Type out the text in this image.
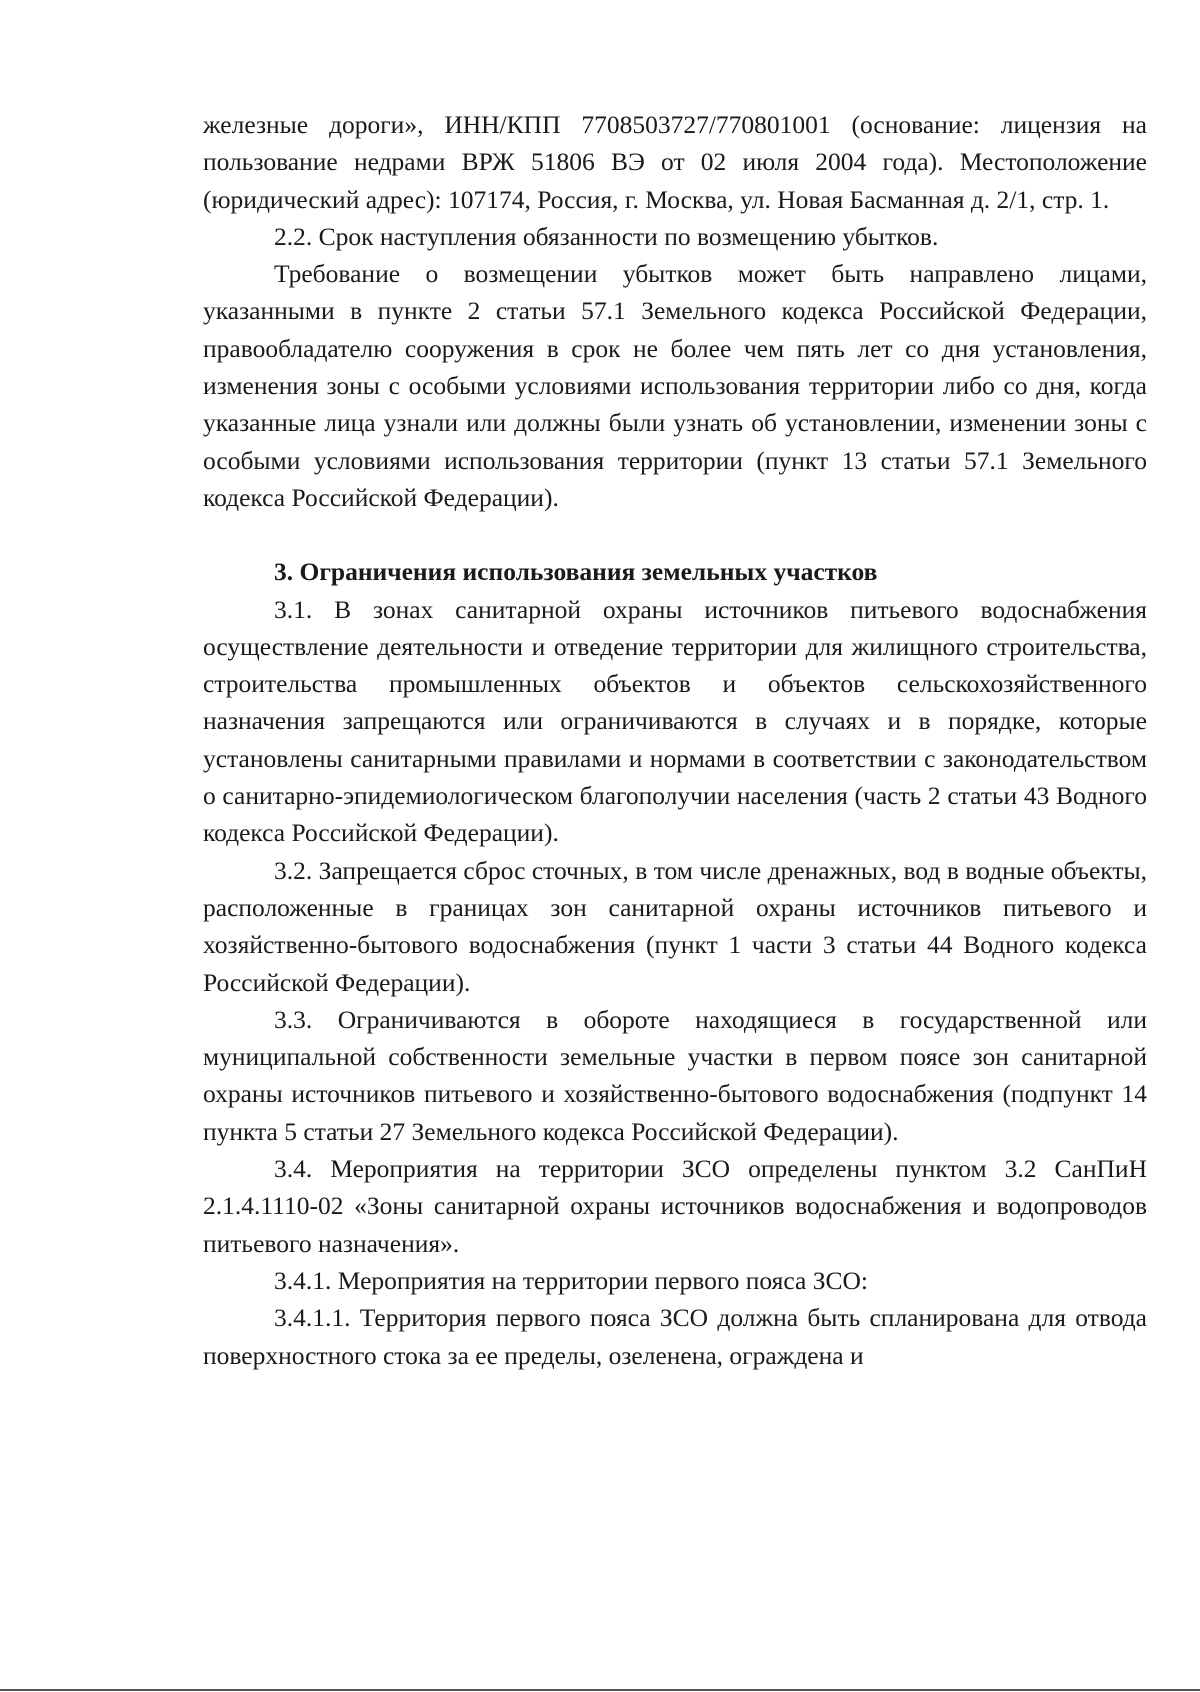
железные дороги», ИНН/КПП 7708503727/770801001 (основание: лицензия на пользование недрами ВРЖ 51806 ВЭ от 02 июля 2004 года). Местоположение (юридический адрес): 107174, Россия, г. Москва, ул. Новая Басманная д. 2/1, стр. 1.

2.2. Срок наступления обязанности по возмещению убытков.

Требование о возмещении убытков может быть направлено лицами, указанными в пункте 2 статьи 57.1 Земельного кодекса Российской Федерации, правообладателю сооружения в срок не более чем пять лет со дня установления, изменения зоны с особыми условиями использования территории либо со дня, когда указанные лица узнали или должны были узнать об установлении, изменении зоны с особыми условиями использования территории (пункт 13 статьи 57.1 Земельного кодекса Российской Федерации).

3. Ограничения использования земельных участков

3.1. В зонах санитарной охраны источников питьевого водоснабжения осуществление деятельности и отведение территории для жилищного строительства, строительства промышленных объектов и объектов сельскохозяйственного назначения запрещаются или ограничиваются в случаях и в порядке, которые установлены санитарными правилами и нормами в соответствии с законодательством о санитарно-эпидемиологическом благополучии населения (часть 2 статьи 43 Водного кодекса Российской Федерации).

3.2. Запрещается сброс сточных, в том числе дренажных, вод в водные объекты, расположенные в границах зон санитарной охраны источников питьевого и хозяйственно-бытового водоснабжения (пункт 1 части 3 статьи 44 Водного кодекса Российской Федерации).

3.3. Ограничиваются в обороте находящиеся в государственной или муниципальной собственности земельные участки в первом поясе зон санитарной охраны источников питьевого и хозяйственно-бытового водоснабжения (подпункт 14 пункта 5 статьи 27 Земельного кодекса Российской Федерации).

3.4. Мероприятия на территории ЗСО определены пунктом 3.2 СанПиН 2.1.4.1110-02 «Зоны санитарной охраны источников водоснабжения и водопроводов питьевого назначения».

3.4.1. Мероприятия на территории первого пояса ЗСО:

3.4.1.1. Территория первого пояса ЗСО должна быть спланирована для отвода поверхностного стока за ее пределы, озеленена, ограждена и
